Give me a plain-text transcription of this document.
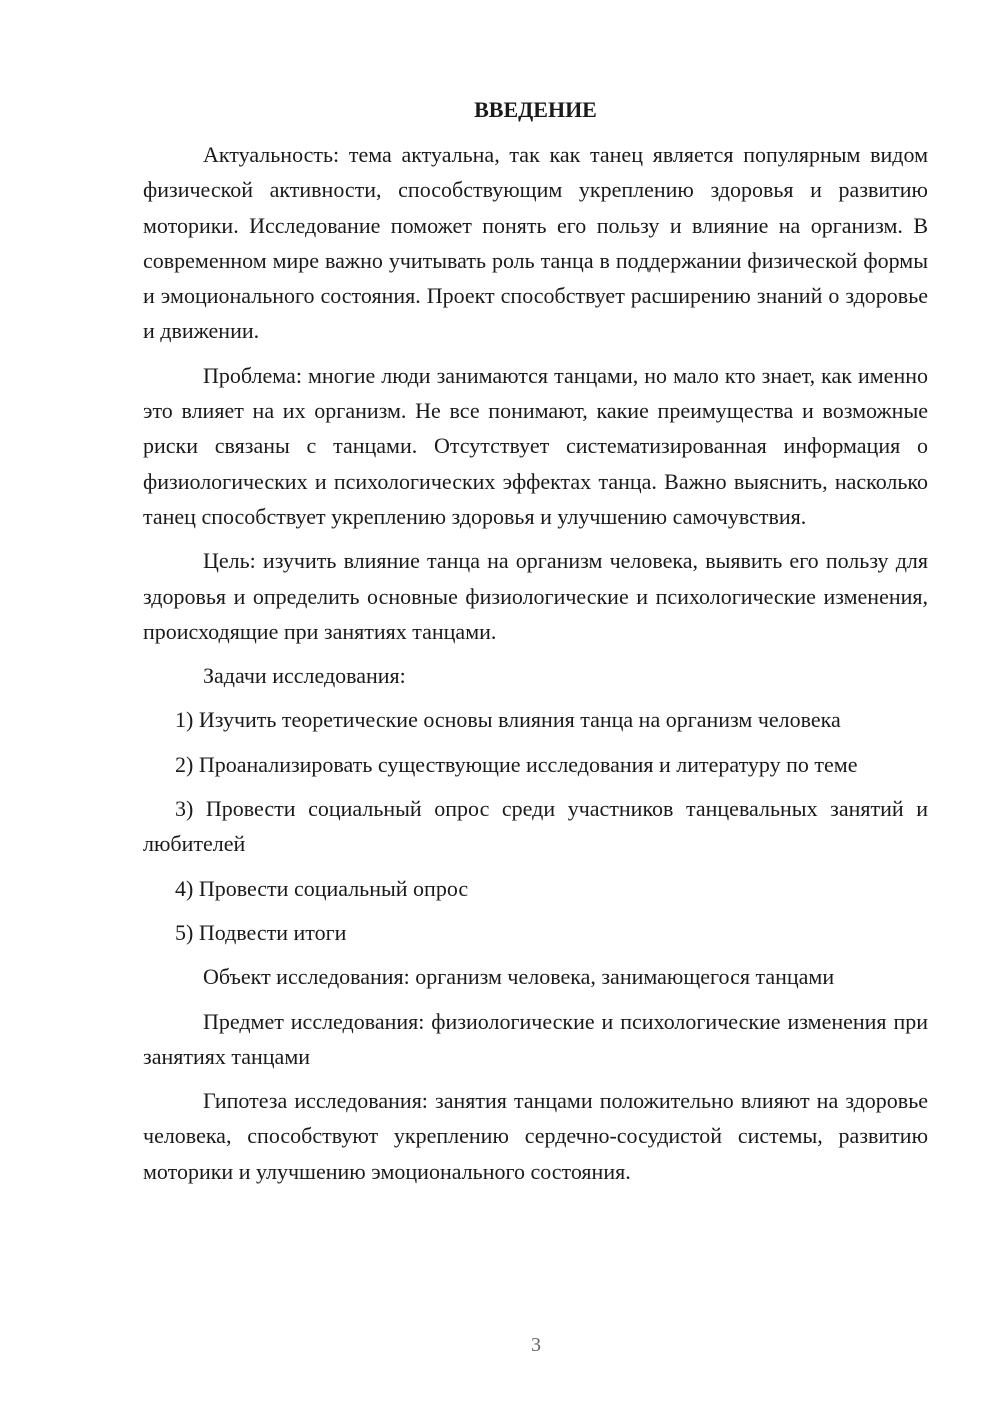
ВВЕДЕНИЕ

Актуальность: тема актуальна, так как танец является популярным видом физической активности, способствующим укреплению здоровья и развитию моторики. Исследование поможет понять его пользу и влияние на организм. В современном мире важно учитывать роль танца в поддержании физической формы и эмоционального состояния. Проект способствует расширению знаний о здоровье и движении.

Проблема: многие люди занимаются танцами, но мало кто знает, как именно это влияет на их организм. Не все понимают, какие преимущества и возможные риски связаны с танцами. Отсутствует систематизированная информация о физиологических и психологических эффектах танца. Важно выяснить, насколько танец способствует укреплению здоровья и улучшению самочувствия.

Цель: изучить влияние танца на организм человека, выявить его пользу для здоровья и определить основные физиологические и психологические изменения, происходящие при занятиях танцами.

Задачи исследования:

1) Изучить теоретические основы влияния танца на организм человека

2) Проанализировать существующие исследования и литературу по теме

3) Провести социальный опрос среди участников танцевальных занятий и любителей

4) Провести социальный опрос

5) Подвести итоги

Объект исследования: организм человека, занимающегося танцами

Предмет исследования: физиологические и психологические изменения при занятиях танцами

Гипотеза исследования: занятия танцами положительно влияют на здоровье человека, способствуют укреплению сердечно-сосудистой системы, развитию моторики и улучшению эмоционального состояния.

3
